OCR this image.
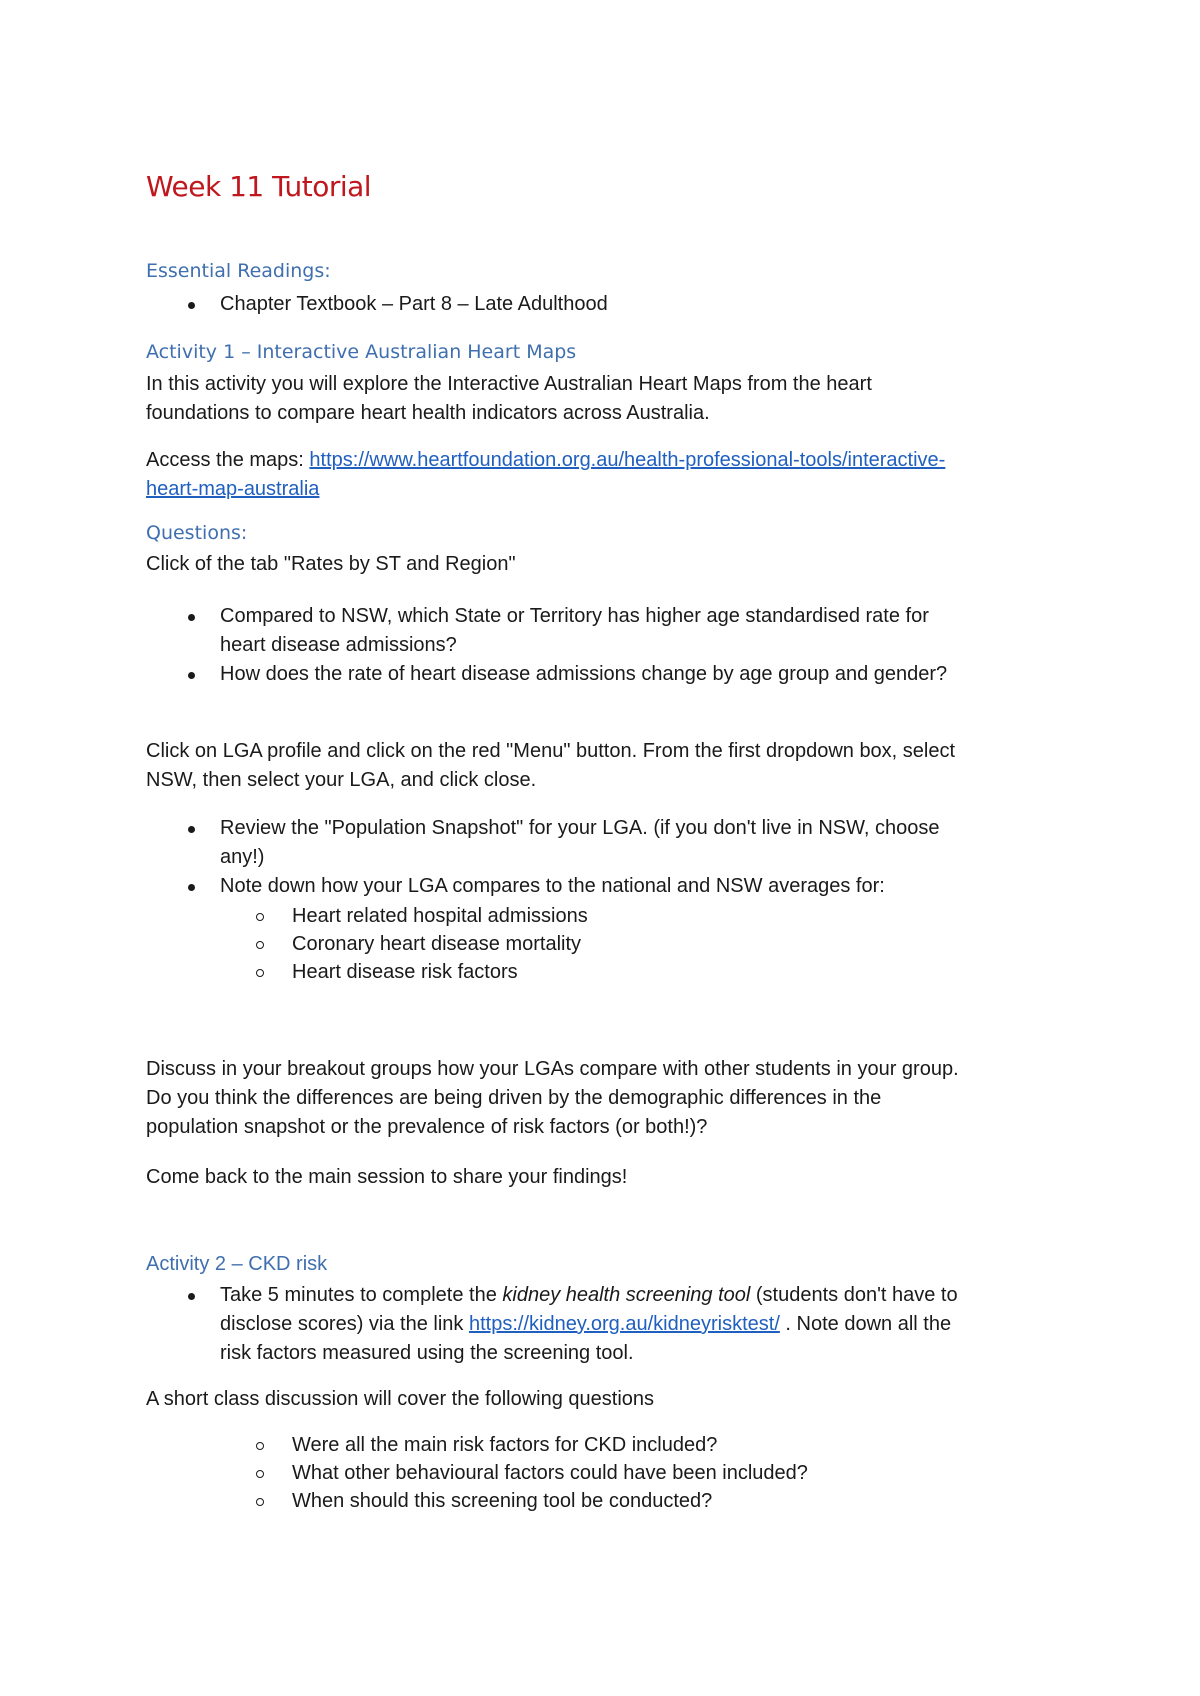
Week 11 Tutorial
Essential Readings:
Chapter Textbook – Part 8 – Late Adulthood
Activity 1 – Interactive Australian Heart Maps

In this activity you will explore the Interactive Australian Heart Maps from the heart
foundations to compare heart health indicators across Australia.

Access the maps: https://www.heartfoundation.org.au/health-professional-tools/interactive-
heart-map-australia

Questions:

Click of the tab "Rates by ST and Region"

Compared to NSW, which State or Territory has higher age standardised rate for
heart disease admissions?
How does the rate of heart disease admissions change by age group and gender?

Click on LGA profile and click on the red "Menu" button. From the first dropdown box, select
NSW, then select your LGA, and click close.

Review the "Population Snapshot" for your LGA. (if you don't live in NSW, choose
any!)
Note down how your LGA compares to the national and NSW averages for:
Heart related hospital admissions
Coronary heart disease mortality
Heart disease risk factors

Discuss in your breakout groups how your LGAs compare with other students in your group.
Do you think the differences are being driven by the demographic differences in the
population snapshot or the prevalence of risk factors (or both!)?

Come back to the main session to share your findings!

Activity 2 – CKD risk
Take 5 minutes to complete the kidney health screening tool (students don't have to
disclose scores) via the link https://kidney.org.au/kidneyrisktest/ . Note down all the
risk factors measured using the screening tool.

A short class discussion will cover the following questions

Were all the main risk factors for CKD included?
What other behavioural factors could have been included?
When should this screening tool be conducted?
